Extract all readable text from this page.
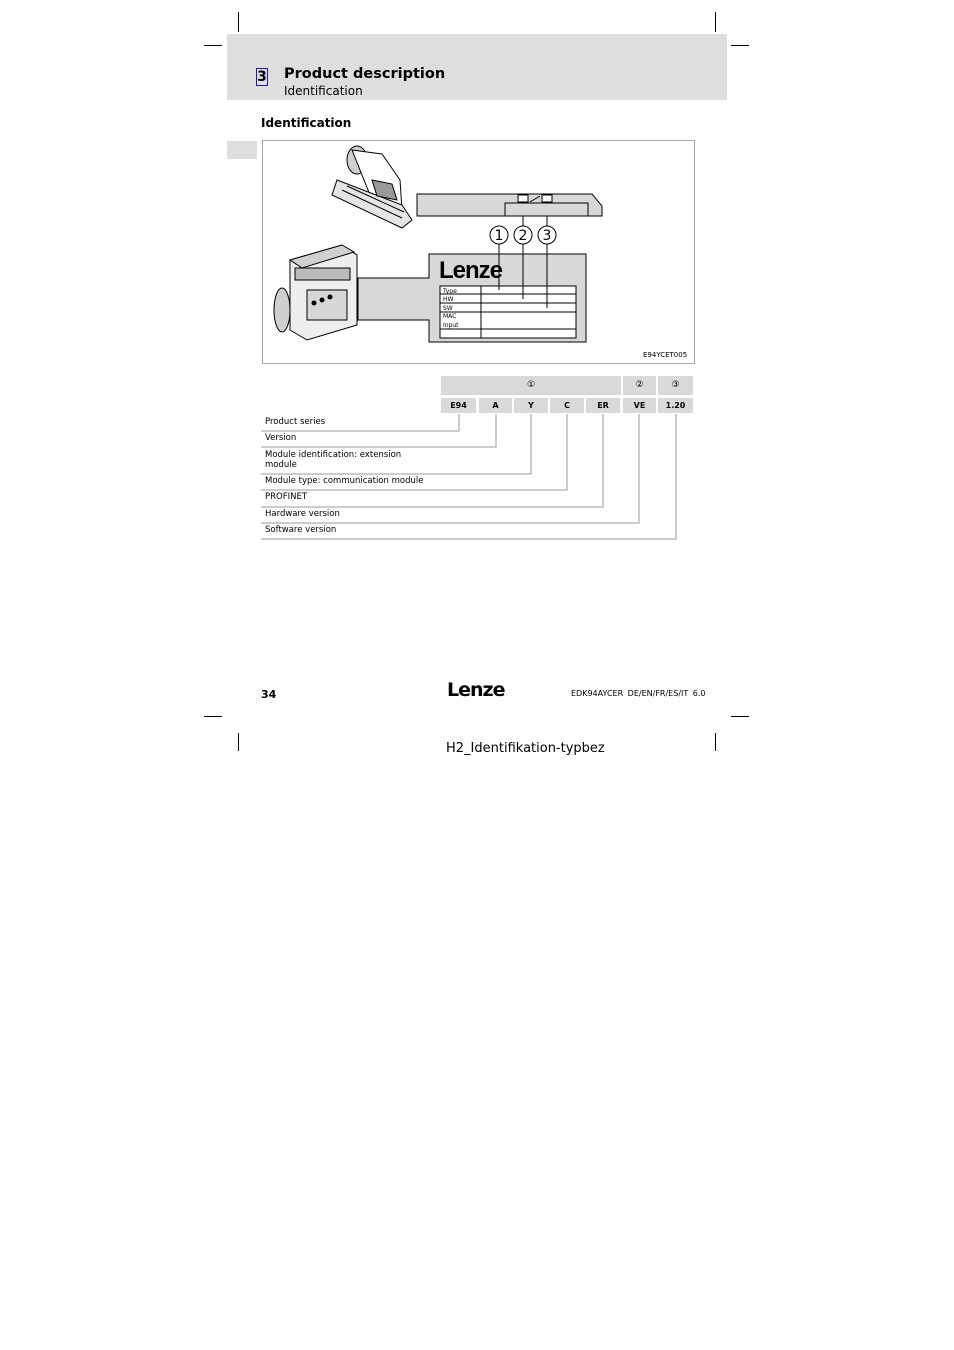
3 Product description
Identification
Identification
Lenze
Type
HW
SW
MAC
Input
1 2 3
E94YCET005
①	②	③
E94	A	Y	C	ER	VE	1.20
Product series
Version
Module identification: extension module
Module type: communication module
PROFINET
Hardware version
Software version
34	Lenze	EDK94AYCER DE/EN/FR/ES/IT 6.0
H2_Identifikation-typbez
